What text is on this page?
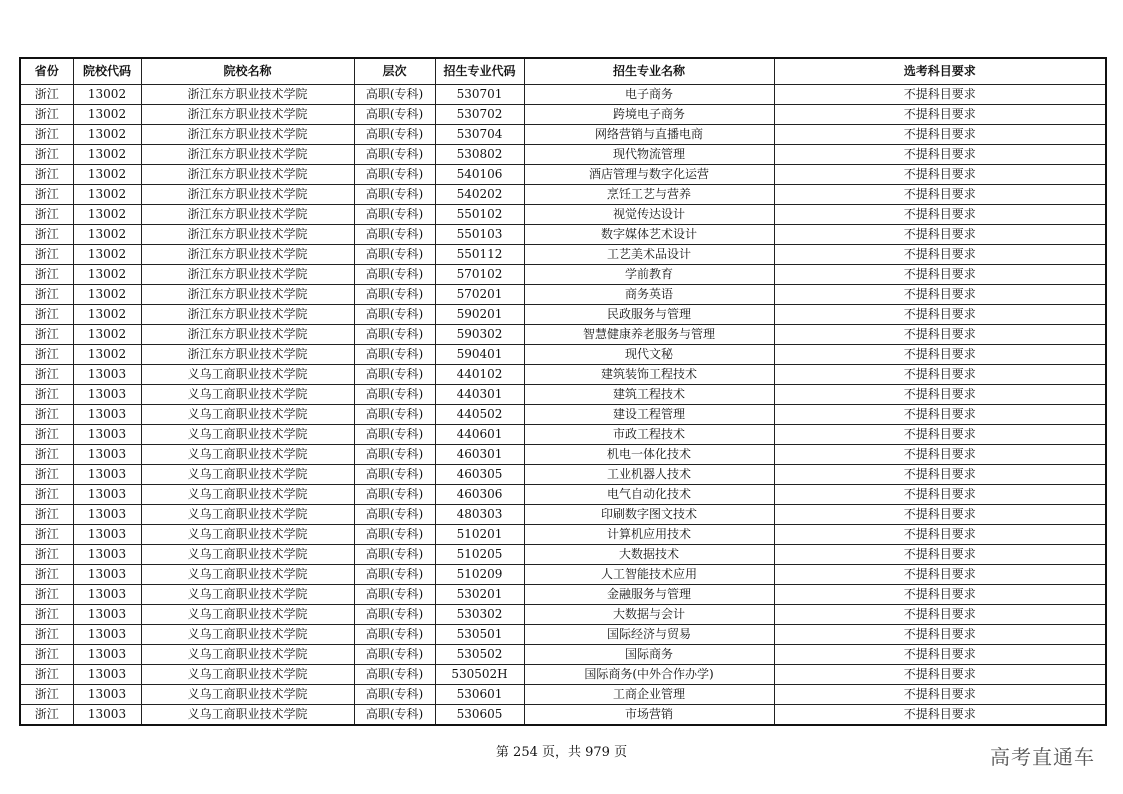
省份	院校代码	院校名称	层次	招生专业代码	招生专业名称	选考科目要求
浙江	13002	浙江东方职业技术学院	高职(专科)	530701	电子商务	不提科目要求
浙江	13002	浙江东方职业技术学院	高职(专科)	530702	跨境电子商务	不提科目要求
浙江	13002	浙江东方职业技术学院	高职(专科)	530704	网络营销与直播电商	不提科目要求
浙江	13002	浙江东方职业技术学院	高职(专科)	530802	现代物流管理	不提科目要求
浙江	13002	浙江东方职业技术学院	高职(专科)	540106	酒店管理与数字化运营	不提科目要求
浙江	13002	浙江东方职业技术学院	高职(专科)	540202	烹饪工艺与营养	不提科目要求
浙江	13002	浙江东方职业技术学院	高职(专科)	550102	视觉传达设计	不提科目要求
浙江	13002	浙江东方职业技术学院	高职(专科)	550103	数字媒体艺术设计	不提科目要求
浙江	13002	浙江东方职业技术学院	高职(专科)	550112	工艺美术品设计	不提科目要求
浙江	13002	浙江东方职业技术学院	高职(专科)	570102	学前教育	不提科目要求
浙江	13002	浙江东方职业技术学院	高职(专科)	570201	商务英语	不提科目要求
浙江	13002	浙江东方职业技术学院	高职(专科)	590201	民政服务与管理	不提科目要求
浙江	13002	浙江东方职业技术学院	高职(专科)	590302	智慧健康养老服务与管理	不提科目要求
浙江	13002	浙江东方职业技术学院	高职(专科)	590401	现代文秘	不提科目要求
浙江	13003	义乌工商职业技术学院	高职(专科)	440102	建筑装饰工程技术	不提科目要求
浙江	13003	义乌工商职业技术学院	高职(专科)	440301	建筑工程技术	不提科目要求
浙江	13003	义乌工商职业技术学院	高职(专科)	440502	建设工程管理	不提科目要求
浙江	13003	义乌工商职业技术学院	高职(专科)	440601	市政工程技术	不提科目要求
浙江	13003	义乌工商职业技术学院	高职(专科)	460301	机电一体化技术	不提科目要求
浙江	13003	义乌工商职业技术学院	高职(专科)	460305	工业机器人技术	不提科目要求
浙江	13003	义乌工商职业技术学院	高职(专科)	460306	电气自动化技术	不提科目要求
浙江	13003	义乌工商职业技术学院	高职(专科)	480303	印刷数字图文技术	不提科目要求
浙江	13003	义乌工商职业技术学院	高职(专科)	510201	计算机应用技术	不提科目要求
浙江	13003	义乌工商职业技术学院	高职(专科)	510205	大数据技术	不提科目要求
浙江	13003	义乌工商职业技术学院	高职(专科)	510209	人工智能技术应用	不提科目要求
浙江	13003	义乌工商职业技术学院	高职(专科)	530201	金融服务与管理	不提科目要求
浙江	13003	义乌工商职业技术学院	高职(专科)	530302	大数据与会计	不提科目要求
浙江	13003	义乌工商职业技术学院	高职(专科)	530501	国际经济与贸易	不提科目要求
浙江	13003	义乌工商职业技术学院	高职(专科)	530502	国际商务	不提科目要求
浙江	13003	义乌工商职业技术学院	高职(专科)	530502H	国际商务(中外合作办学)	不提科目要求
浙江	13003	义乌工商职业技术学院	高职(专科)	530601	工商企业管理	不提科目要求
浙江	13003	义乌工商职业技术学院	高职(专科)	530605	市场营销	不提科目要求
第 254 页，共 979 页	高考直通车
